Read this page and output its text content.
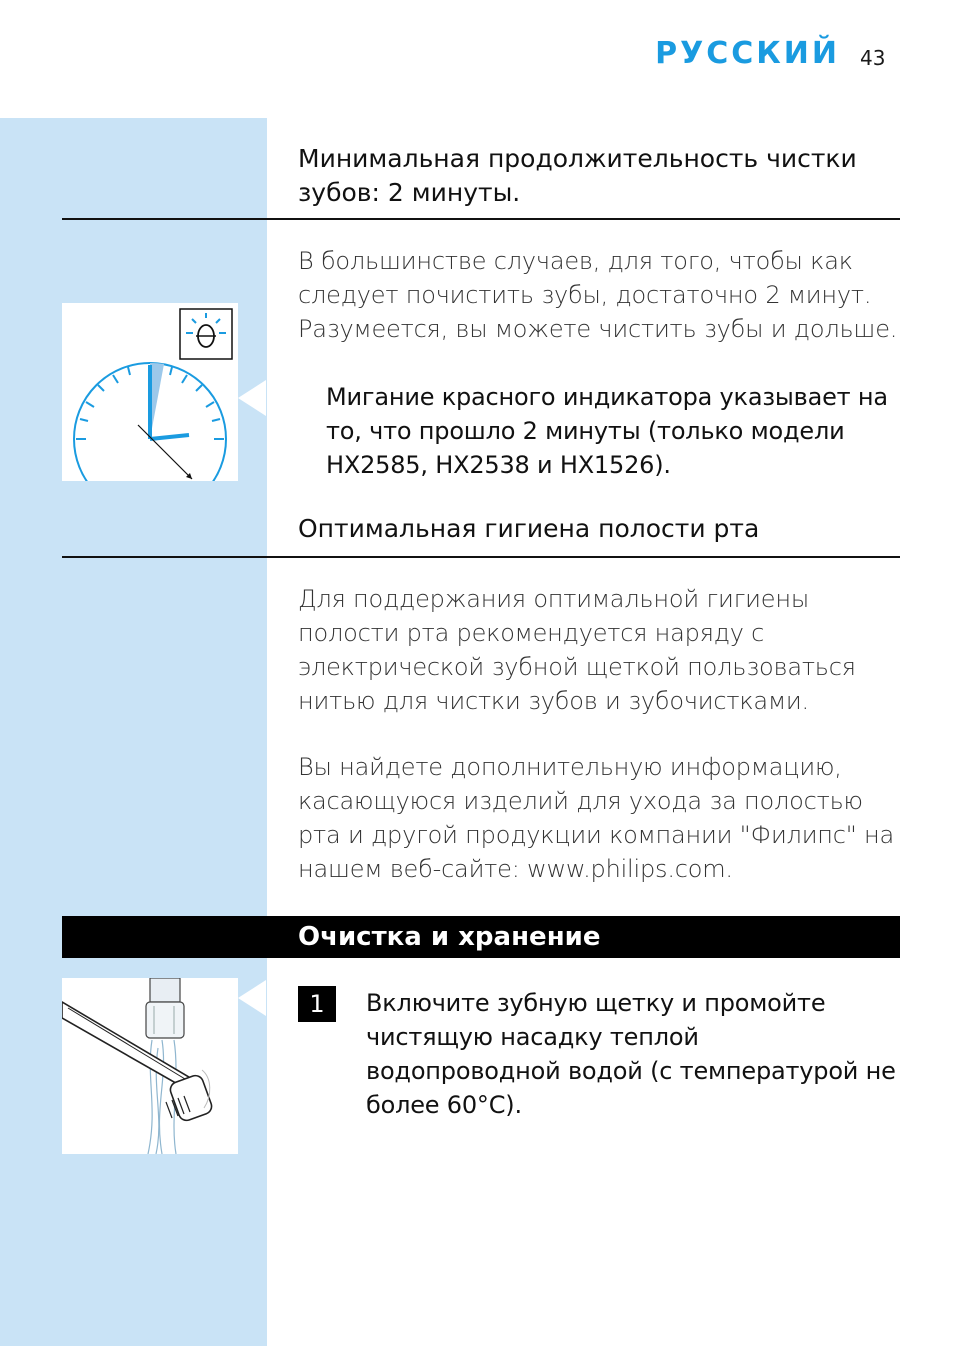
РУССКИЙ 43
Минимальная продолжительность чистки зубов: 2 минуты.
В большинстве случаев, для того, чтобы как следует почистить зубы, достаточно 2 минут. Разумеется, вы можете чистить зубы и дольше.
Мигание красного индикатора указывает на то, что прошло 2 минуты (только модели HX2585, HX2538 и HX1526).
Оптимальная гигиена полости рта
Для поддержания оптимальной гигиены полости рта рекомендуется наряду с электрической зубной щеткой пользоваться нитью для чистки зубов и зубочистками.
Вы найдете дополнительную информацию, касающуюся изделий для ухода за полостью рта и другой продукции компании "Филипс" на нашем веб-сайте: www.philips.com.
Очистка и хранение
1	Включите зубную щетку и промойте чистящую насадку теплой водопроводной водой (с температурой не более 60°C).
